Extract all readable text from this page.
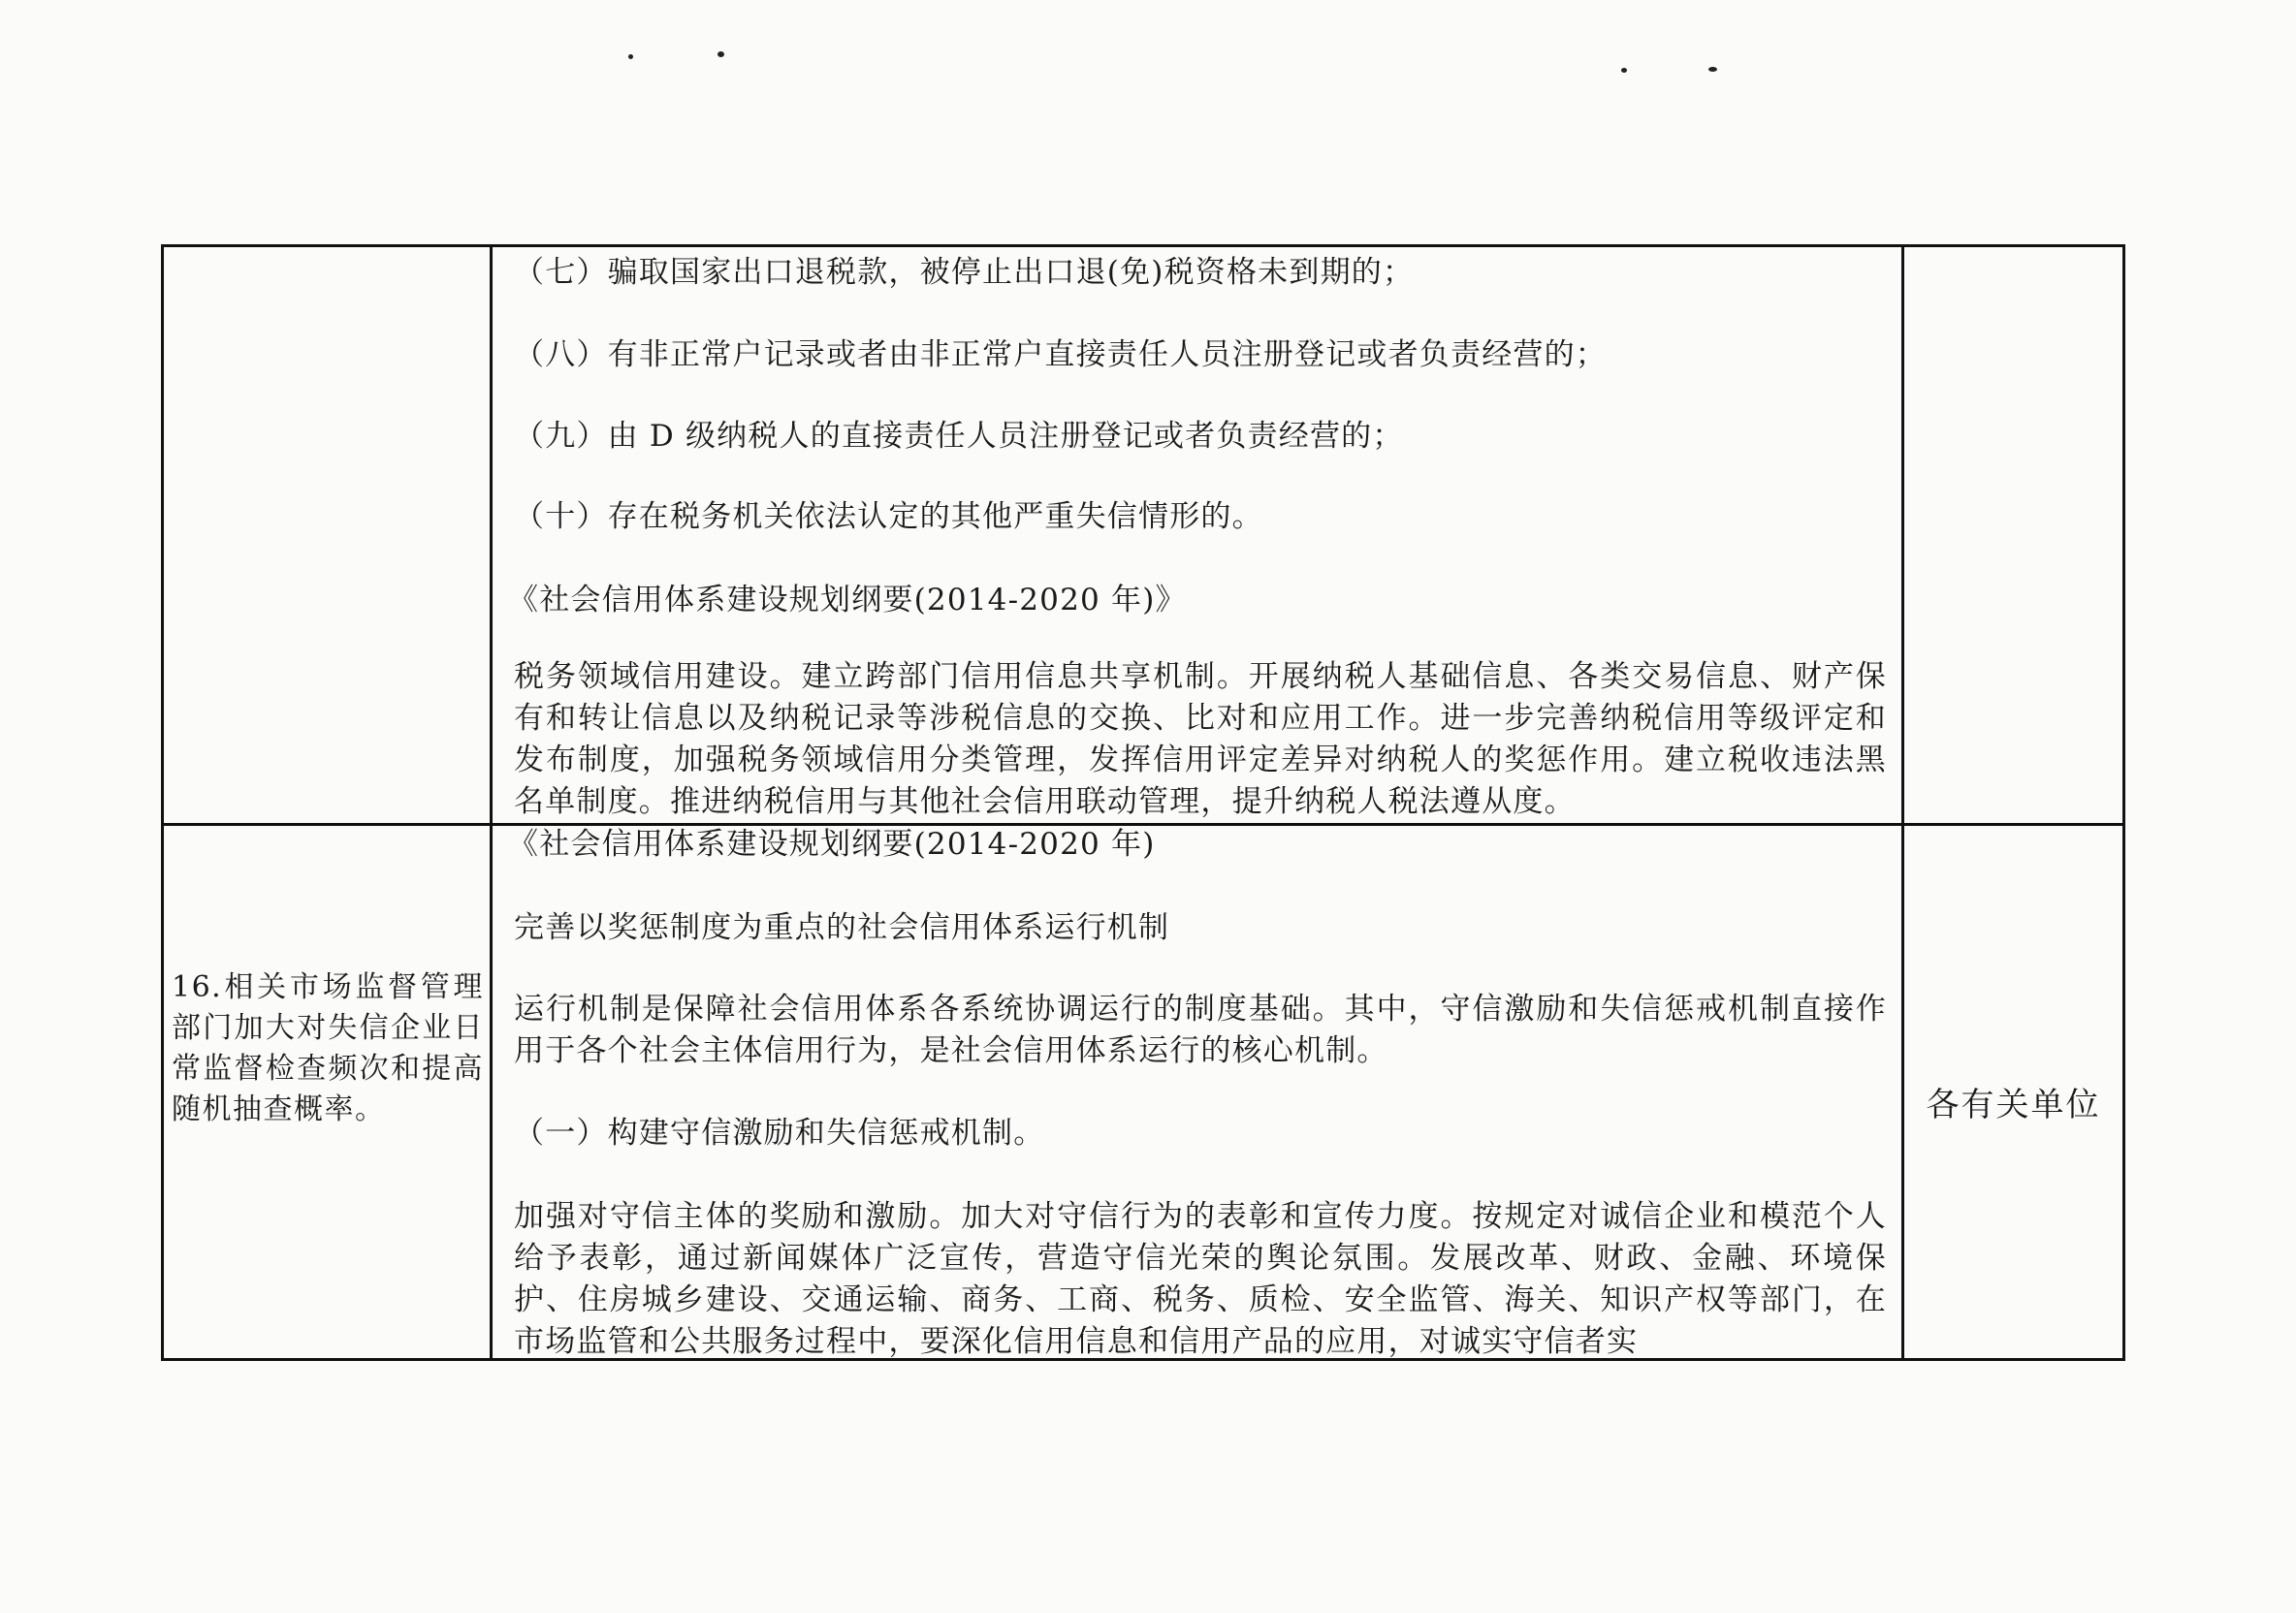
（七）骗取国家出口退税款，被停止出口退(免)税资格未到期的；

（八）有非正常户记录或者由非正常户直接责任人员注册登记或者负责经营的；

（九）由 D 级纳税人的直接责任人员注册登记或者负责经营的；

（十）存在税务机关依法认定的其他严重失信情形的。

《社会信用体系建设规划纲要(2014-2020 年)》

税务领域信用建设。建立跨部门信用信息共享机制。开展纳税人基础信息、各类交易信息、财产保有和转让信息以及纳税记录等涉税信息的交换、比对和应用工作。进一步完善纳税信用等级评定和发布制度，加强税务领域信用分类管理，发挥信用评定差异对纳税人的奖惩作用。建立税收违法黑名单制度。推进纳税信用与其他社会信用联动管理，提升纳税人税法遵从度。

16.相关市场监督管理部门加大对失信企业日常监督检查频次和提高随机抽查概率。

《社会信用体系建设规划纲要(2014-2020 年)

完善以奖惩制度为重点的社会信用体系运行机制

运行机制是保障社会信用体系各系统协调运行的制度基础。其中，守信激励和失信惩戒机制直接作用于各个社会主体信用行为，是社会信用体系运行的核心机制。

（一）构建守信激励和失信惩戒机制。

加强对守信主体的奖励和激励。加大对守信行为的表彰和宣传力度。按规定对诚信企业和模范个人给予表彰，通过新闻媒体广泛宣传，营造守信光荣的舆论氛围。发展改革、财政、金融、环境保护、住房城乡建设、交通运输、商务、工商、税务、质检、安全监管、海关、知识产权等部门，在市场监管和公共服务过程中，要深化信用信息和信用产品的应用，对诚实守信者实

各有关单位
